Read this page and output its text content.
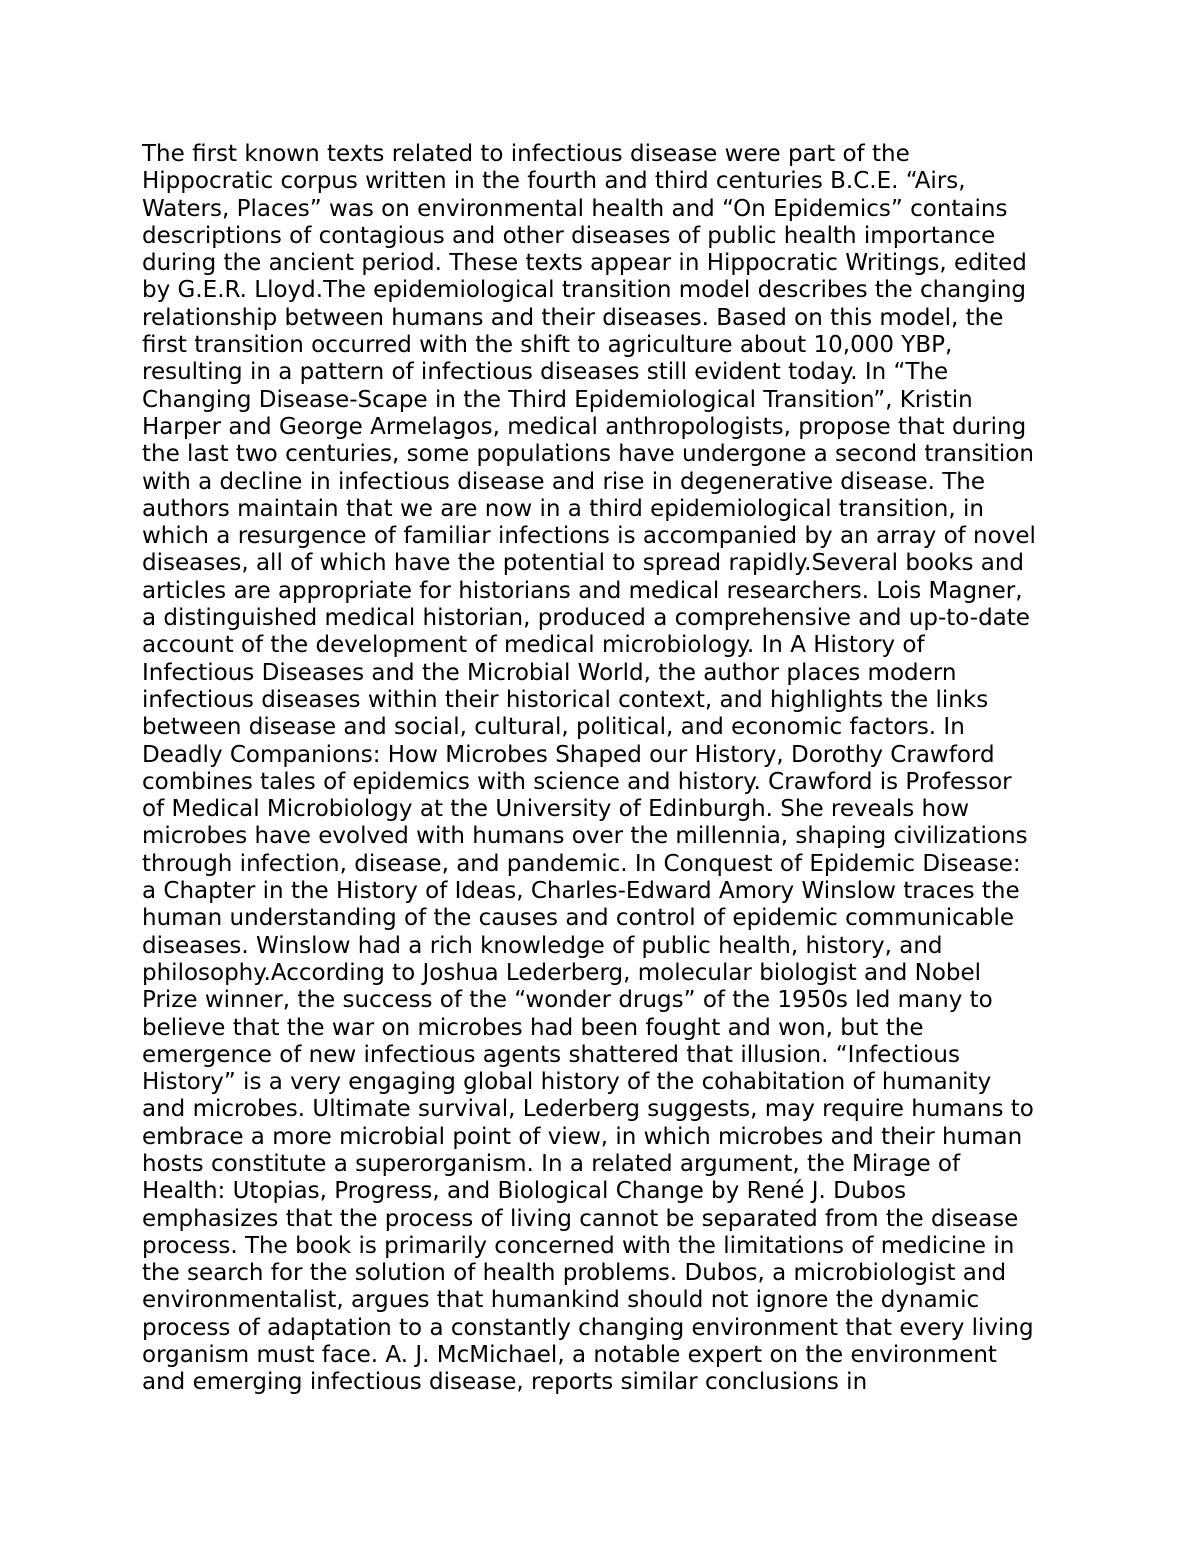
The first known texts related to infectious disease were part of the
Hippocratic corpus written in the fourth and third centuries B.C.E. “Airs,
Waters, Places” was on environmental health and “On Epidemics” contains
descriptions of contagious and other diseases of public health importance
during the ancient period. These texts appear in Hippocratic Writings, edited
by G.E.R. Lloyd.The epidemiological transition model describes the changing
relationship between humans and their diseases. Based on this model, the
first transition occurred with the shift to agriculture about 10,000 YBP,
resulting in a pattern of infectious diseases still evident today. In “The
Changing Disease-Scape in the Third Epidemiological Transition”, Kristin
Harper and George Armelagos, medical anthropologists, propose that during
the last two centuries, some populations have undergone a second transition
with a decline in infectious disease and rise in degenerative disease. The
authors maintain that we are now in a third epidemiological transition, in
which a resurgence of familiar infections is accompanied by an array of novel
diseases, all of which have the potential to spread rapidly.Several books and
articles are appropriate for historians and medical researchers. Lois Magner,
a distinguished medical historian, produced a comprehensive and up-to-date
account of the development of medical microbiology. In A History of
Infectious Diseases and the Microbial World, the author places modern
infectious diseases within their historical context, and highlights the links
between disease and social, cultural, political, and economic factors. In
Deadly Companions: How Microbes Shaped our History, Dorothy Crawford
combines tales of epidemics with science and history. Crawford is Professor
of Medical Microbiology at the University of Edinburgh. She reveals how
microbes have evolved with humans over the millennia, shaping civilizations
through infection, disease, and pandemic. In Conquest of Epidemic Disease:
a Chapter in the History of Ideas, Charles-Edward Amory Winslow traces the
human understanding of the causes and control of epidemic communicable
diseases. Winslow had a rich knowledge of public health, history, and
philosophy.According to Joshua Lederberg, molecular biologist and Nobel
Prize winner, the success of the “wonder drugs” of the 1950s led many to
believe that the war on microbes had been fought and won, but the
emergence of new infectious agents shattered that illusion. “Infectious
History” is a very engaging global history of the cohabitation of humanity
and microbes. Ultimate survival, Lederberg suggests, may require humans to
embrace a more microbial point of view, in which microbes and their human
hosts constitute a superorganism. In a related argument, the Mirage of
Health: Utopias, Progress, and Biological Change by René J. Dubos
emphasizes that the process of living cannot be separated from the disease
process. The book is primarily concerned with the limitations of medicine in
the search for the solution of health problems. Dubos, a microbiologist and
environmentalist, argues that humankind should not ignore the dynamic
process of adaptation to a constantly changing environment that every living
organism must face. A. J. McMichael, a notable expert on the environment
and emerging infectious disease, reports similar conclusions in
